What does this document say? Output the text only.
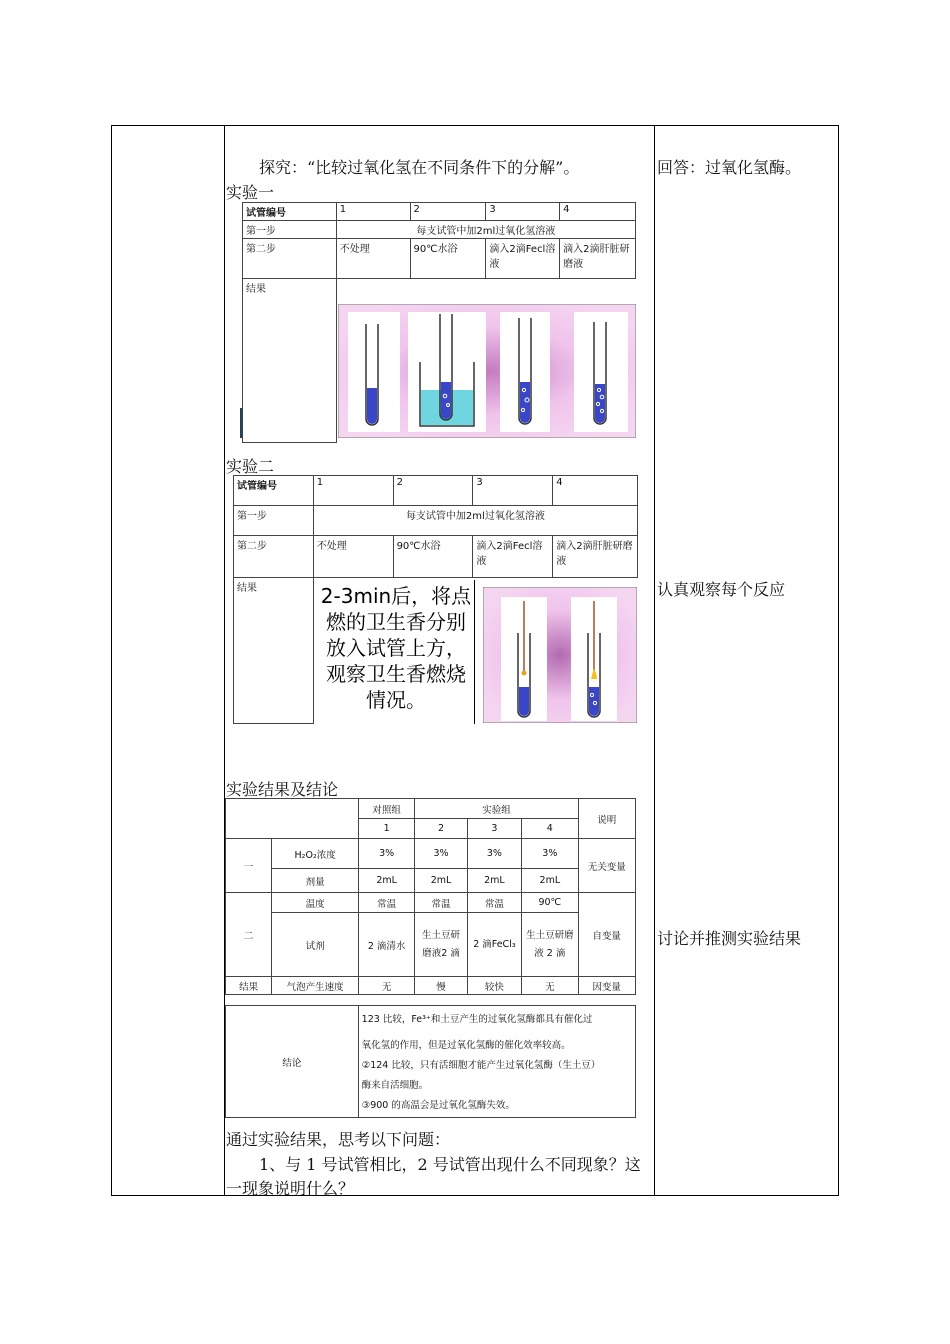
回答：过氧化氢酶。
认真观察每个反应
讨论并推测实验结果
探究：“比较过氧化氢在不同条件下的分解”。
实验一
试管编号	1	2	3	4
第一步	每支试管中加2ml过氧化氢溶液			
第二步	不处理	90℃水浴	滴入2滴Fecl溶液	滴入2滴肝脏研磨液
结果				
实验二
试管编号	1	2	3	4
第一步	每支试管中加2ml过氧化氢溶液			
第二步	不处理	90℃水浴	滴入2滴Fecl溶液	滴入2滴肝脏研磨液
结果					2-3min后，将点燃的卫生香分别放入试管上方，观察卫生香燃烧情况。
实验结果及结论
		对照组	实验组			说明
		1	2	3	4	
一	H₂O₂浓度	3%	3%	3%	3%	无关变量
	剂量	2mL	2mL	2mL	2mL	
二	温度	常温	常温	常温	90℃	自变量
	试剂	2 滴清水	生土豆研磨液2 滴	2 滴FeCl₃	生土豆研磨液 2 滴	
结果	气泡产生速度	无	慢	较快	无	因变量
结论	
123 比较，Fe³⁺和土豆产生的过氧化氢酶都具有催化过
氧化氢的作用，但是过氧化氢酶的催化效率较高。
②124 比较，只有活细胞才能产生过氧化氢酶（生土豆）
酶来自活细胞。
③900 的高温会是过氧化氢酶失效。
通过实验结果，思考以下问题：
1、与 1 号试管相比，2 号试管出现什么不同现象？这
一现象说明什么？
